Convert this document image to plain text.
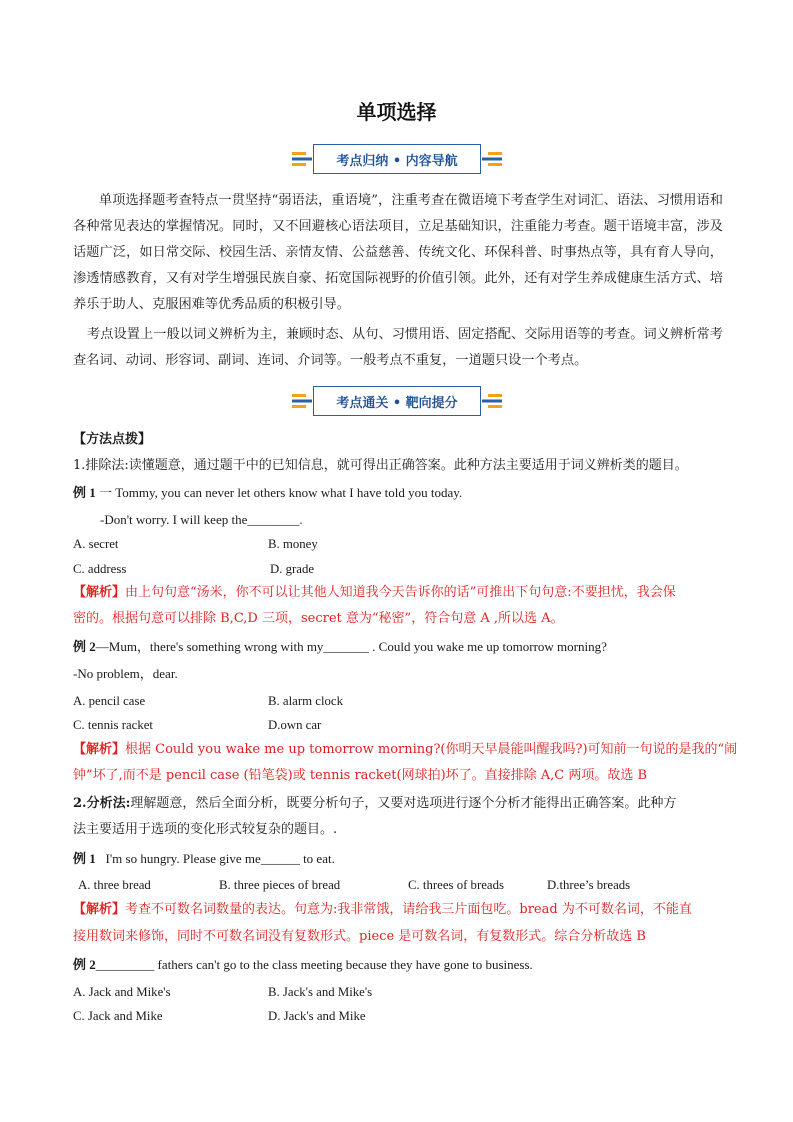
单项选择
考点归纳 • 内容导航
单项选择题考查特点一贯坚持“弱语法，重语境”，注重考查在微语境下考查学生对词汇、语法、习惯用语和各种常见表达的掌握情况。同时，又不回避核心语法项目，立足基础知识，注重能力考查。题干语境丰富，涉及话题广泛，如日常交际、校园生活、亲情友情、公益慈善、传统文化、环保科普、时事热点等，具有育人导向，渗透情感教育，又有对学生增强民族自豪、拓宽国际视野的价值引领。此外，还有对学生养成健康生活方式、培养乐于助人、克服困难等优秀品质的积极引导。
考点设置上一般以词义辨析为主，兼顾时态、从句、习惯用语、固定搭配、交际用语等的考查。词义辨析常考查名词、动词、形容词、副词、连词、介词等。一般考点不重复，一道题只设一个考点。
考点通关 • 靶向提分
【方法点拨】
1.排除法:读懂题意，通过题干中的已知信息，就可得出正确答案。此种方法主要适用于词义辨析类的题目。
例 1 一 Tommy, you can never let others know what I have told you today.
-Don't worry. I will keep the________.
A. secret	B. money
C. address	D. grade
【解析】由上句句意“汤米，你不可以让其他人知道我今天告诉你的话”可推出下句句意:不要担忧，我会保
密的。根据句意可以排除 B,C,D 三项，secret 意为“秘密”，符合句意 A ,所以选 A。
例 2—Mum，there's something wrong with my_______ . Could you wake me up tomorrow morning?
-No problem，dear.
A. pencil case	B. alarm clock
C. tennis racket	D.own car
【解析】根据 Could you wake me up tomorrow morning?(你明天早晨能叫醒我吗?)可知前一句说的是我的“闹
钟”坏了,而不是 pencil case (铅笔袋)或 tennis racket(网球拍)坏了。直接排除 A,C 两项。故选 B
2.分析法:理解题意，然后全面分析，既要分析句子，又要对选项进行逐个分析才能得出正确答案。此种方
法主要适用于选项的变化形式较复杂的题目。.
例 1 I'm so hungry. Please give me______ to eat.
A. three bread	B. three pieces of bread	C. threes of breads	D.three’s breads
【解析】考查不可数名词数量的表达。句意为:我非常饿，请给我三片面包吃。bread 为不可数名词，不能直
接用数词来修饰，同时不可数名词没有复数形式。piece 是可数名词，有复数形式。综合分析故选 B
例 2_________ fathers can't go to the class meeting because they have gone to business.
A. Jack and Mike's	B. Jack's and Mike's
C. Jack and Mike	D. Jack's and Mike
